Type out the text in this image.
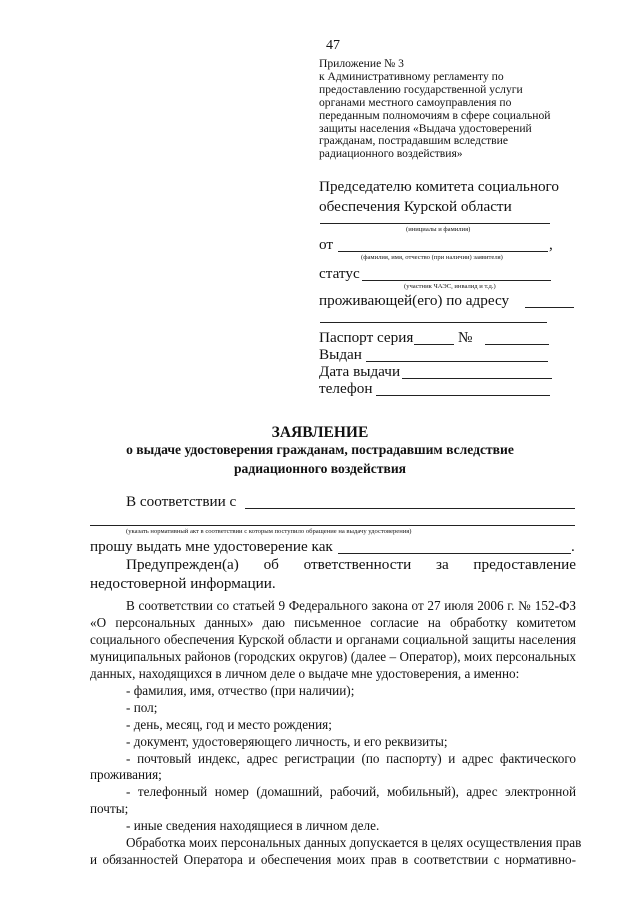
47
Приложение № 3
к Административному регламенту по
предоставлению государственной услуги
органами местного самоуправления по
переданным полномочиям в сфере социальной
защиты населения «Выдача удостоверений
гражданам, пострадавшим вследствие
радиационного воздействия»
Председателю комитета социального
обеспечения Курской области
(инициалы и фамилия)
от	,
(фамилия, имя, отчество (при наличии) заявителя)
статус
(участник ЧАЭС, инвалид и т.д.)
проживающей(его) по адресу
Паспорт серия	№
Выдан
Дата выдачи
телефон
ЗАЯВЛЕНИЕ
о выдаче удостоверения гражданам, пострадавшим вследствие
радиационного воздействия
В соответствии с
(указать нормативный акт в соответствии с которым поступило обращение на выдачу удостоверения)
прошу выдать мне удостоверение как	.
Предупрежден(а) об ответственности за предоставление
недостоверной информации.
В соответствии со статьей 9 Федерального закона от 27 июля 2006 г. № 152-ФЗ
«О персональных данных» даю письменное согласие на обработку комитетом
социального обеспечения Курской области и органами социальной защиты населения
муниципальных районов (городских округов) (далее – Оператор), моих персональных
данных, находящихся в личном деле о выдаче мне удостоверения, а именно:
- фамилия, имя, отчество (при наличии);
- пол;
- день, месяц, год и место рождения;
- документ, удостоверяющего личность, и его реквизиты;
- почтовый индекс, адрес регистрации (по паспорту) и адрес фактического
проживания;
- телефонный номер (домашний, рабочий, мобильный), адрес электронной
почты;
- иные сведения находящиеся в личном деле.
Обработка моих персональных данных допускается в целях осуществления прав
и обязанностей Оператора и обеспечения моих прав в соответствии с нормативно-
